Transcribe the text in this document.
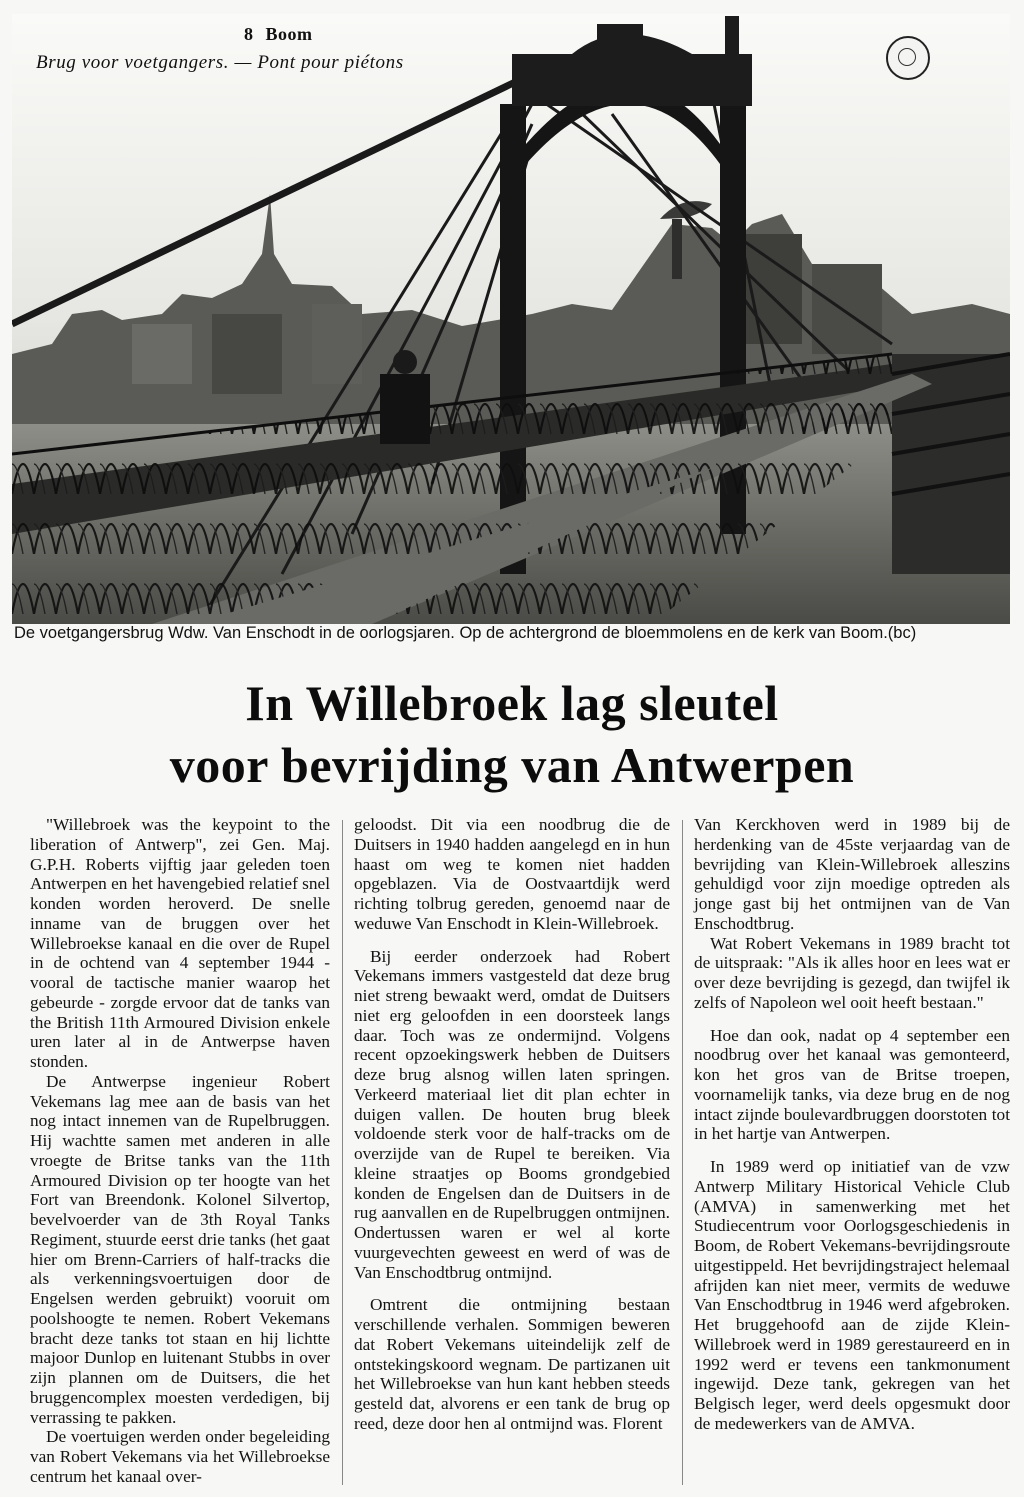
8 Boom
Brug voor voetgangers. — Pont pour piétons
De voetgangersbrug Wdw. Van Enschodt in de oorlogsjaren. Op de achtergrond de bloemmolens en de kerk van Boom.(bc)
In Willebroek lag sleutel
voor bevrijding van Antwerpen

"Willebroek was the keypoint to the liberation of Antwerp", zei Gen. Maj. G.P.H. Roberts vijftig jaar geleden toen Antwerpen en het havengebied relatief snel konden worden heroverd. De snelle inname van de bruggen over het Willebroekse kanaal en die over de Rupel in de ochtend van 4 september 1944 - vooral de tactische manier waarop het gebeurde - zorgde ervoor dat de tanks van the British 11th Armoured Division enkele uren later al in de Antwerpse haven stonden.

De Antwerpse ingenieur Robert Vekemans lag mee aan de basis van het nog intact innemen van de Rupelbruggen. Hij wachtte samen met anderen in alle vroegte de Britse tanks van the 11th Armoured Division op ter hoogte van het Fort van Breendonk. Kolonel Silvertop, bevelvoerder van de 3th Royal Tanks Regiment, stuurde eerst drie tanks (het gaat hier om Brenn-Carriers of half-tracks die als verkenningsvoertuigen door de Engelsen werden gebruikt) vooruit om poolshoogte te nemen. Robert Vekemans bracht deze tanks tot staan en hij lichtte majoor Dunlop en luitenant Stubbs in over zijn plannen om de Duitsers, die het bruggencomplex moesten verdedigen, bij verrassing te pakken.

De voertuigen werden onder begeleiding van Robert Vekemans via het Willebroekse centrum het kanaal over-

geloodst. Dit via een noodbrug die de Duitsers in 1940 hadden aangelegd en in hun haast om weg te komen niet hadden opgeblazen. Via de Oostvaartdijk werd richting tolbrug gereden, genoemd naar de weduwe Van Enschodt in Klein-Willebroek.

Bij eerder onderzoek had Robert Vekemans immers vastgesteld dat deze brug niet streng bewaakt werd, omdat de Duitsers niet erg geloofden in een doorsteek langs daar. Toch was ze ondermijnd. Volgens recent opzoekingswerk hebben de Duitsers deze brug alsnog willen laten springen. Verkeerd materiaal liet dit plan echter in duigen vallen. De houten brug bleek voldoende sterk voor de half-tracks om de overzijde van de Rupel te bereiken. Via kleine straatjes op Booms grondgebied konden de Engelsen dan de Duitsers in de rug aanvallen en de Rupelbruggen ontmijnen. Ondertussen waren er wel al korte vuurgevechten geweest en werd of was de Van Enschodtbrug ontmijnd.

Omtrent die ontmijning bestaan verschillende verhalen. Sommigen beweren dat Robert Vekemans uiteindelijk zelf de ontstekingskoord wegnam. De partizanen uit het Willebroekse van hun kant hebben steeds gesteld dat, alvorens er een tank de brug op reed, deze door hen al ontmijnd was. Florent

Van Kerckhoven werd in 1989 bij de herdenking van de 45ste verjaardag van de bevrijding van Klein-Willebroek alleszins gehuldigd voor zijn moedige optreden als jonge gast bij het ontmijnen van de Van Enschodtbrug.

Wat Robert Vekemans in 1989 bracht tot de uitspraak: "Als ik alles hoor en lees wat er over deze bevrijding is gezegd, dan twijfel ik zelfs of Napoleon wel ooit heeft bestaan."

Hoe dan ook, nadat op 4 september een noodbrug over het kanaal was gemonteerd, kon het gros van de Britse troepen, voornamelijk tanks, via deze brug en de nog intact zijnde boulevardbruggen doorstoten tot in het hartje van Antwerpen.

In 1989 werd op initiatief van de vzw Antwerp Military Historical Vehicle Club (AMVA) in samenwerking met het Studiecentrum voor Oorlogsgeschiedenis in Boom, de Robert Vekemans-bevrijdingsroute uitgestippeld. Het bevrijdingstraject helemaal afrijden kan niet meer, vermits de weduwe Van Enschodtbrug in 1946 werd afgebroken. Het bruggehoofd aan de zijde Klein-Willebroek werd in 1989 gerestaureerd en in 1992 werd er tevens een tankmonument ingewijd. Deze tank, gekregen van het Belgisch leger, werd deels opgesmukt door de medewerkers van de AMVA.
